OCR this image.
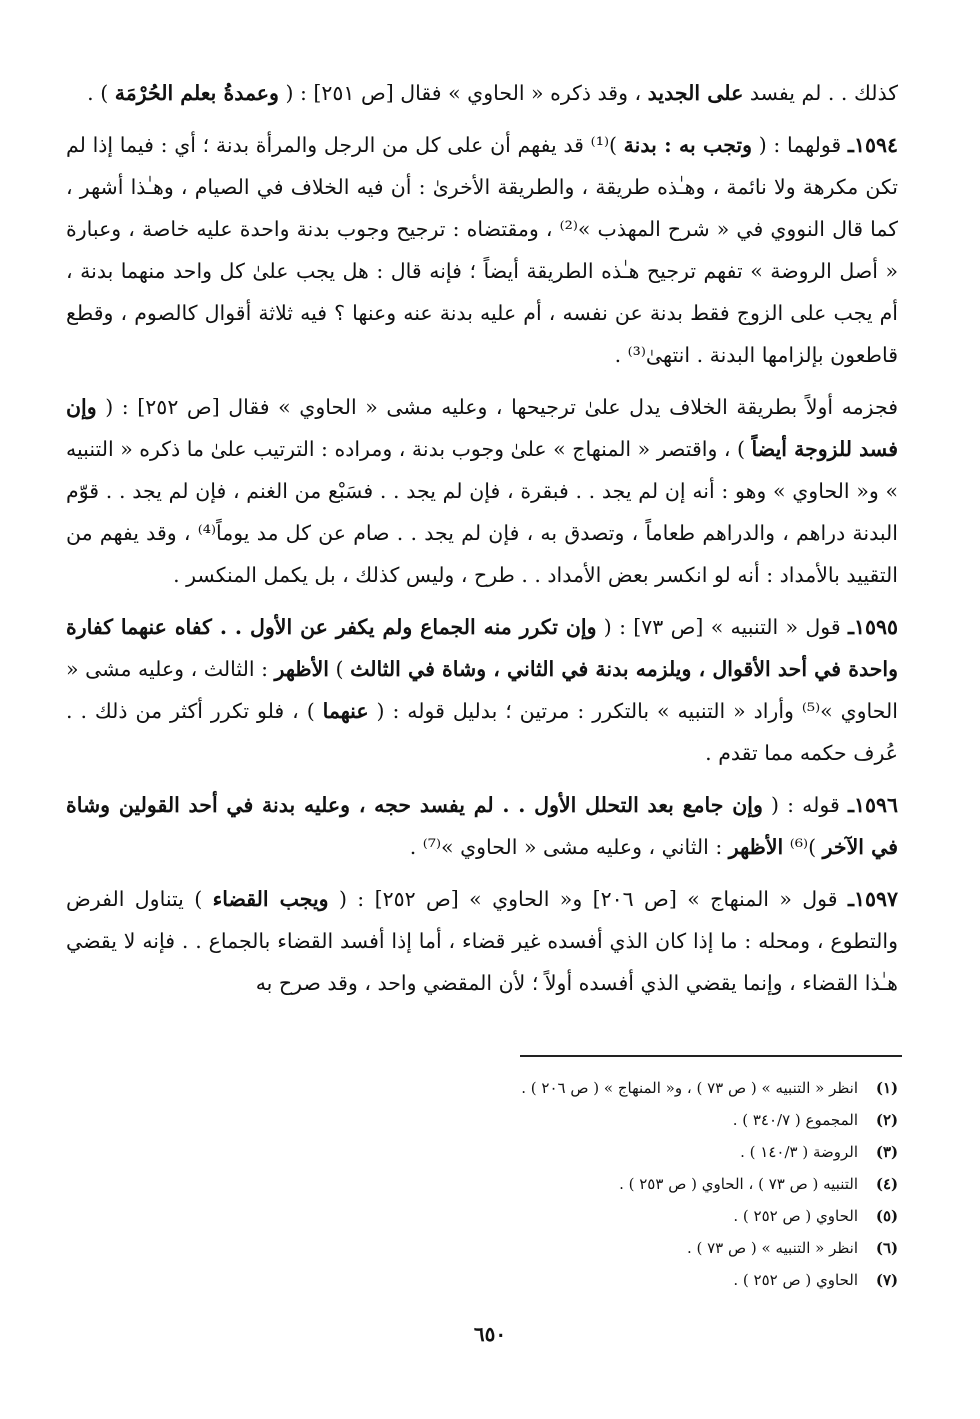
كذلك . . لم يفسد على الجديد ، وقد ذكره « الحاوي » فقال [ص ٢٥١] : ( وعمدةُ بعلم الحُرْمَة ) .

١٥٩٤ـ قولهما : ( وتجب به : بدنة )⁽¹⁾ قد يفهم أن على كل من الرجل والمرأة بدنة ؛ أي : فيما إذا لم تكن مكرهة ولا نائمة ، وهـٰذه طريقة ، والطريقة الأخرىٰ : أن فيه الخلاف في الصيام ، وهـٰذا أشهر ، كما قال النووي في « شرح المهذب »⁽²⁾ ، ومقتضاه : ترجيح وجوب بدنة واحدة عليه خاصة ، وعبارة « أصل الروضة » تفهم ترجيح هـٰذه الطريقة أيضاً ؛ فإنه قال : هل يجب علىٰ كل واحد منهما بدنة ، أم يجب على الزوج فقط بدنة عن نفسه ، أم عليه بدنة عنه وعنها ؟ فيه ثلاثة أقوال كالصوم ، وقطع قاطعون بإلزامها البدنة . انتهىٰ⁽³⁾ .

فجزمه أولاً بطريقة الخلاف يدل علىٰ ترجيحها ، وعليه مشى « الحاوي » فقال [ص ٢٥٢] : ( وإن فسد للزوجة أيضاً ) ، واقتصر « المنهاج » علىٰ وجوب بدنة ، ومراده : الترتيب علىٰ ما ذكره « التنبيه » و« الحاوي » وهو : أنه إن لم يجد . . فبقرة ، فإن لم يجد . . فسَبْع من الغنم ، فإن لم يجد . . قوّم البدنة دراهم ، والدراهم طعاماً ، وتصدق به ، فإن لم يجد . . صام عن كل مد يوماً⁽⁴⁾ ، وقد يفهم من التقييد بالأمداد : أنه لو انكسر بعض الأمداد . . طرح ، وليس كذلك ، بل يكمل المنكسر .

١٥٩٥ـ قول « التنبيه » [ص ٧٣] : ( وإن تكرر منه الجماع ولم يكفر عن الأول . . كفاه عنهما كفارة واحدة في أحد الأقوال ، ويلزمه بدنة في الثاني ، وشاة في الثالث ) الأظهر : الثالث ، وعليه مشى « الحاوي »⁽⁵⁾ وأراد « التنبيه » بالتكرر : مرتين ؛ بدليل قوله : ( عنهما ) ، فلو تكرر أكثر من ذلك . . عُرف حكمه مما تقدم .

١٥٩٦ـ قوله : ( وإن جامع بعد التحلل الأول . . لم يفسد حجه ، وعليه بدنة في أحد القولين وشاة في الآخر )⁽⁶⁾ الأظهر : الثاني ، وعليه مشى « الحاوي »⁽⁷⁾ .

١٥٩٧ـ قول « المنهاج » [ص ٢٠٦] و« الحاوي » [ص ٢٥٢] : ( ويجب القضاء ) يتناول الفرض والتطوع ، ومحله : ما إذا كان الذي أفسده غير قضاء ، أما إذا أفسد القضاء بالجماع . . فإنه لا يقضي هـٰذا القضاء ، وإنما يقضي الذي أفسده أولاً ؛ لأن المقضي واحد ، وقد صرح به

(١)
انظر « التنبيه » ( ص ٧٣ ) ، و« المنهاج » ( ص ٢٠٦ ) .
(٢)
المجموع ( ٣٤٠/٧ ) .
(٣)
الروضة ( ١٤٠/٣ ) .
(٤)
التنبيه ( ص ٧٣ ) ، الحاوي ( ص ٢٥٣ ) .
(٥)
الحاوي ( ص ٢٥٢ ) .
(٦)
انظر « التنبيه » ( ص ٧٣ ) .
(٧)
الحاوي ( ص ٢٥٢ ) .
٦٥٠
